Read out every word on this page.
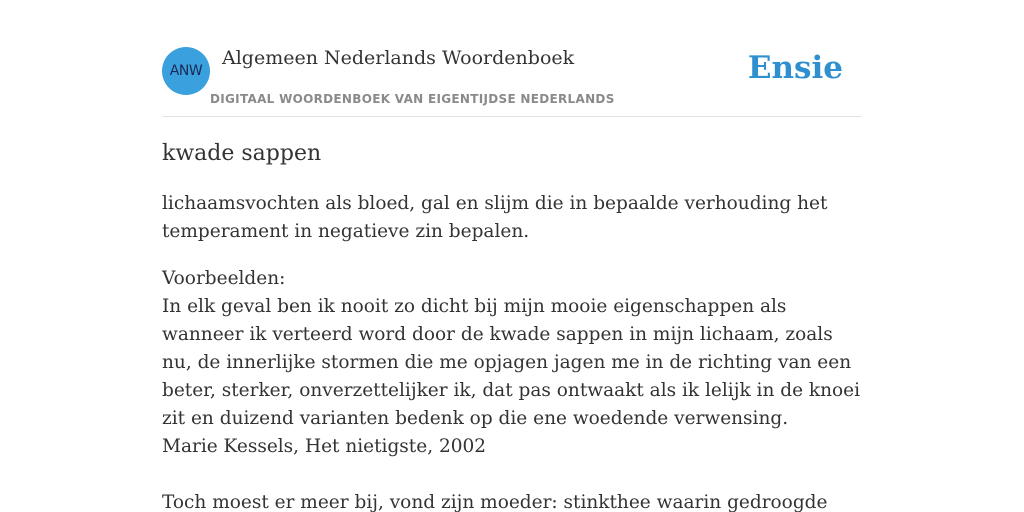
ANW
Algemeen Nederlands Woordenboek
DIGITAAL WOORDENBOEK VAN EIGENTIJDSE NEDERLANDS
Ensie
kwade sappen

lichaamsvochten als bloed, gal en slijm die in bepaalde verhouding het temperament in negatieve zin bepalen.

Voorbeelden:
In elk geval ben ik nooit zo dicht bij mijn mooie eigenschappen als wanneer ik verteerd word door de kwade sappen in mijn lichaam, zoals nu, de innerlijke stormen die me opjagen jagen me in de richting van een beter, sterker, onverzettelijker ik, dat pas ontwaakt als ik lelijk in de knoei zit en duizend varianten bedenk op die ene woedende verwensing.
Marie Kessels, Het nietigste, 2002
Toch moest er meer bij, vond zijn moeder: stinkthee waarin gedroogde
